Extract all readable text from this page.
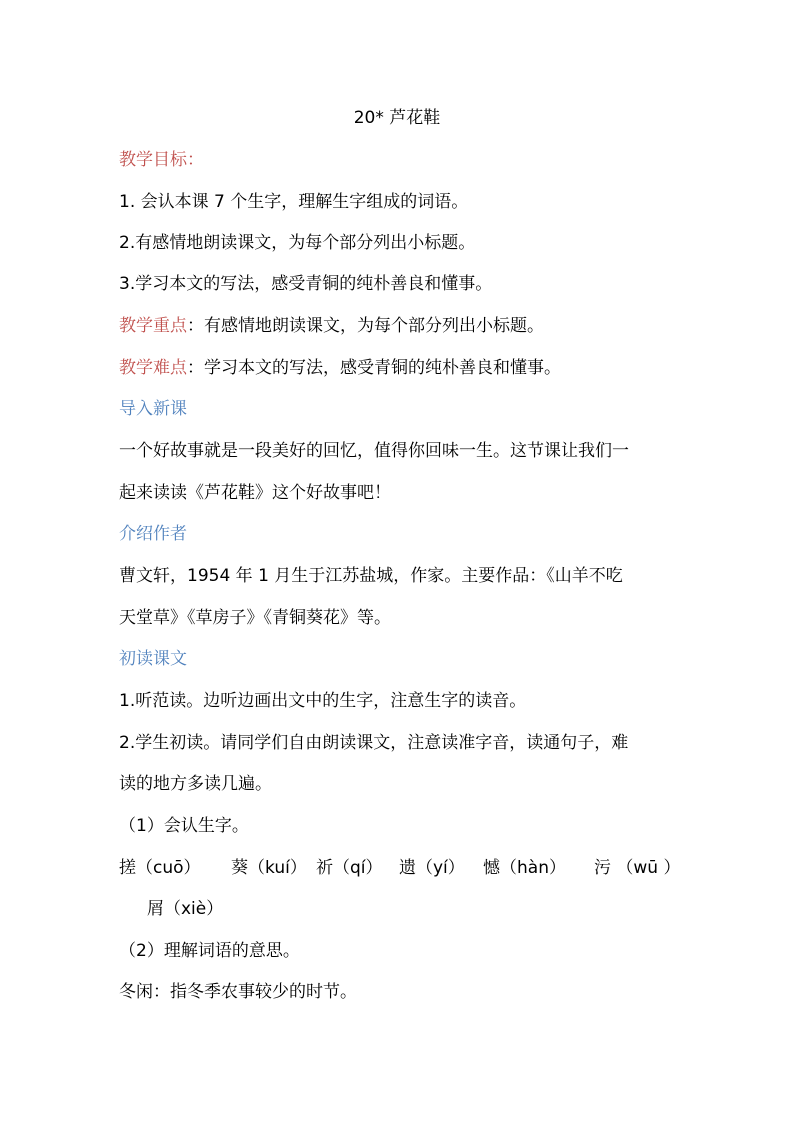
20* 芦花鞋
教学目标：
1. 会认本课 7 个生字，理解生字组成的词语。
2.有感情地朗读课文，为每个部分列出小标题。
3.学习本文的写法，感受青铜的纯朴善良和懂事。
教学重点：有感情地朗读课文，为每个部分列出小标题。
教学难点：学习本文的写法，感受青铜的纯朴善良和懂事。
导入新课
一个好故事就是一段美好的回忆，值得你回味一生。这节课让我们一
起来读读《芦花鞋》这个好故事吧！
介绍作者
曹文轩，1954 年 1 月生于江苏盐城，作家。主要作品：《山羊不吃
天堂草》《草房子》《青铜葵花》等。
初读课文
1.听范读。边听边画出文中的生字，注意生字的读音。
2.学生初读。请同学们自由朗读课文，注意读准字音，读通句子，难
读的地方多读几遍。
（1）会认生字。
搓（cuō） 葵（kuí） 祈（qí） 遗（yí） 憾（hàn） 污 （wū ）
屑（xiè）
（2）理解词语的意思。
冬闲：指冬季农事较少的时节。
